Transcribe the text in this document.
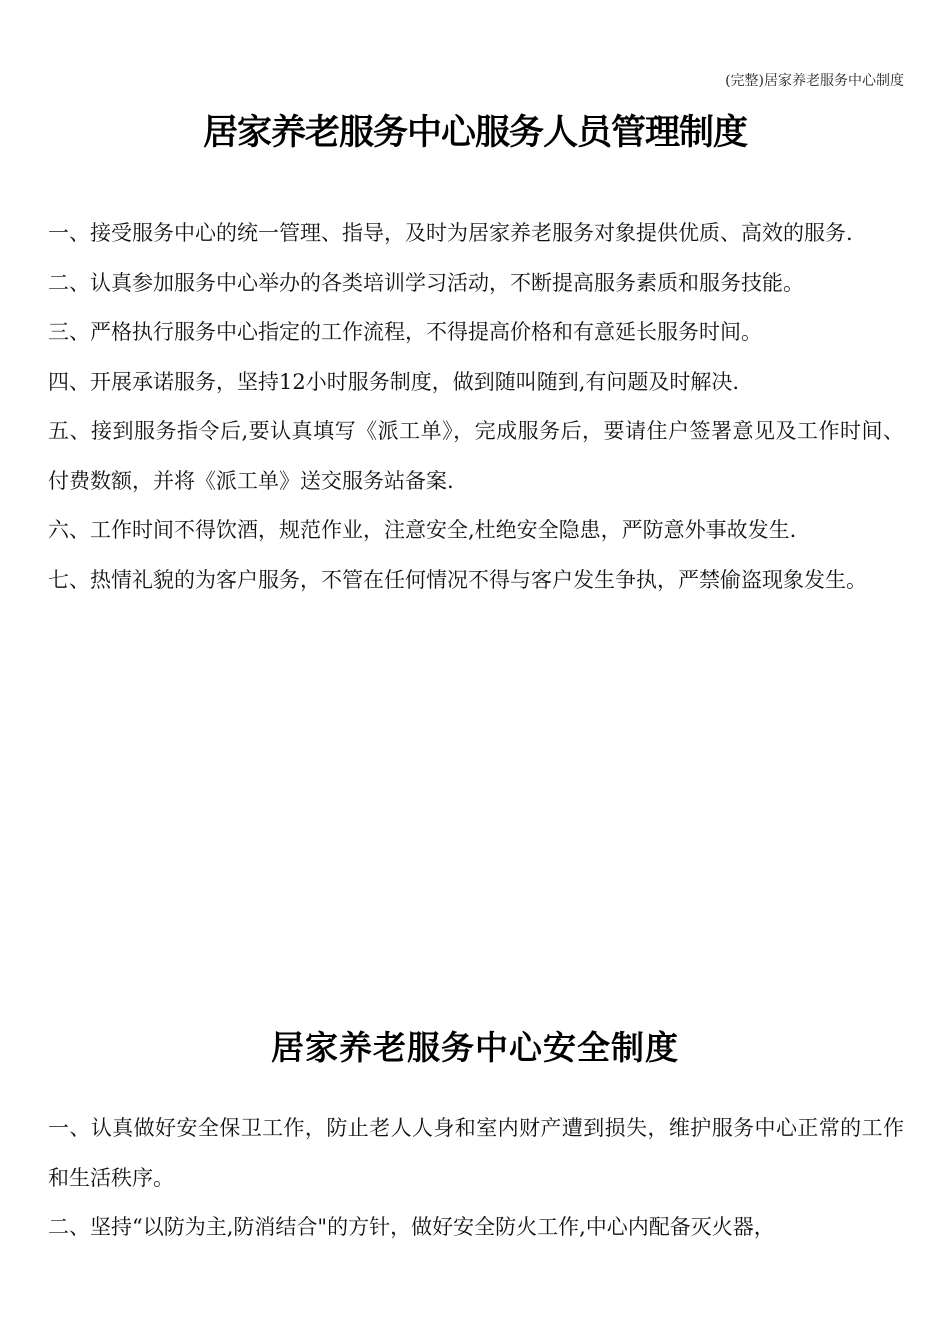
(完整)居家养老服务中心制度
居家养老服务中心服务人员管理制度

一、接受服务中心的统一管理、指导，及时为居家养老服务对象提供优质、高效的服务.

二、认真参加服务中心举办的各类培训学习活动，不断提高服务素质和服务技能。

三、严格执行服务中心指定的工作流程，不得提高价格和有意延长服务时间。

四、开展承诺服务，坚持12小时服务制度，做到随叫随到,有问题及时解决.

五、接到服务指令后,要认真填写《派工单》，完成服务后，要请住户签署意见及工作时间、付费数额，并将《派工单》送交服务站备案.

六、工作时间不得饮酒，规范作业，注意安全,杜绝安全隐患，严防意外事故发生.

七、热情礼貌的为客户服务，不管在任何情况不得与客户发生争执，严禁偷盗现象发生。

居家养老服务中心安全制度

一、认真做好安全保卫工作，防止老人人身和室内财产遭到损失，维护服务中心正常的工作和生活秩序。

二、坚持“以防为主,防消结合"的方针，做好安全防火工作,中心内配备灭火器，
